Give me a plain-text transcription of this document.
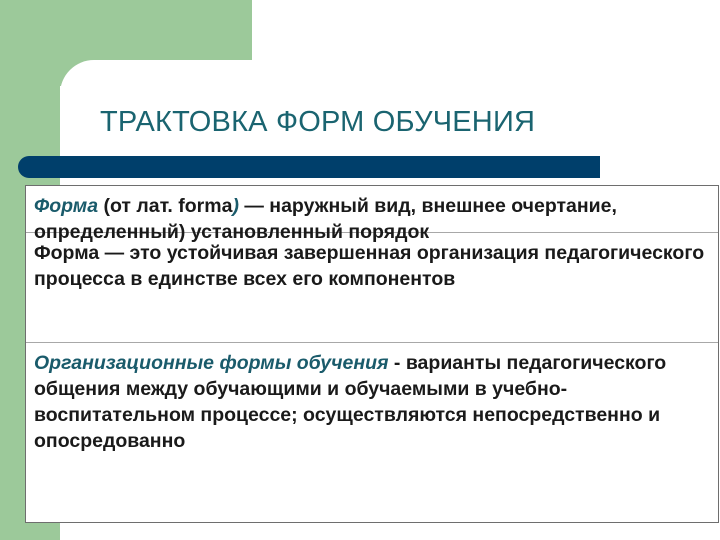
ТРАКТОВКА ФОРМ ОБУЧЕНИЯ

Форма (от лат. forma) — наружный вид, внешнее очертание, определенный) установленный порядок

Форма — это устойчивая завершенная организация педагогического процесса в единстве всех его компонентов

Организационные формы обучения - варианты педагогического общения между обучающими и обучаемыми в учебно-воспитательном процессе; осуществляются непосредственно и опосредованно
